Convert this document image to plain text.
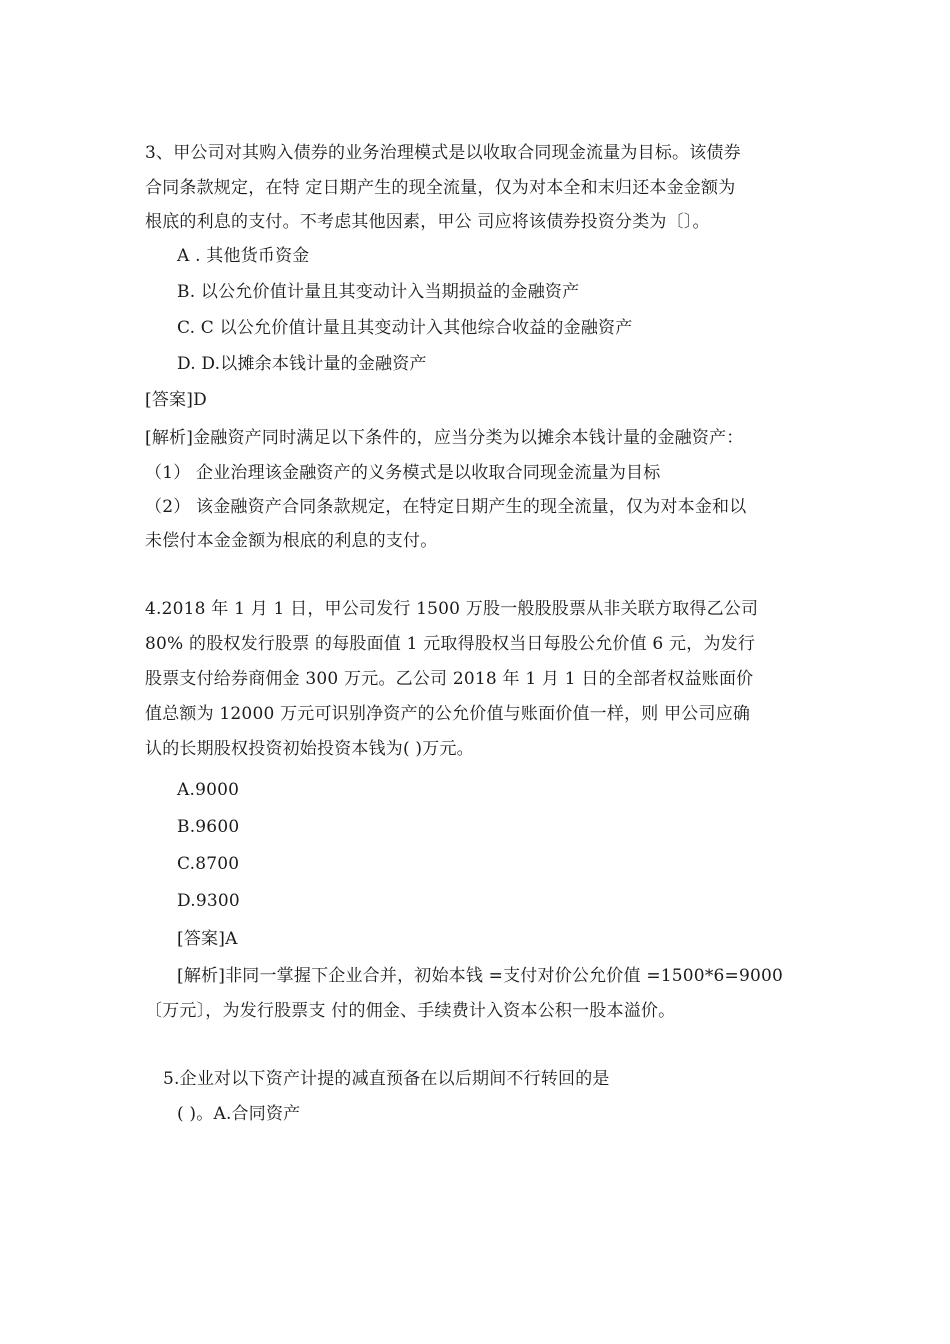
3、甲公司对其购入债券的业务治理模式是以收取合同现金流量为目标。该债券
合同条款规定，在特 定日期产生的现全流量，仅为对本全和末归还本金金额为
根底的利息的支付。不考虑其他因素，甲公 司应将该债券投资分类为〔〕。
A . 其他货币资金
B. 以公允价值计量且其变动计入当期损益的金融资产
C. C 以公允价值计量且其变动计入其他综合收益的金融资产
D. D.以摊余本钱计量的金融资产
[答案]D
[解析]金融资产同时满足以下条件的，应当分类为以摊余本钱计量的金融资产：
（1） 企业治理该金融资产的义务模式是以收取合同现金流量为目标
（2） 该金融资产合同条款规定，在特定日期产生的现全流量，仅为对本金和以
未偿付本金金额为根底的利息的支付。
4.2018 年 1 月 1 日，甲公司发行 1500 万股一般股股票从非关联方取得乙公司
80% 的股权发行股票 的每股面值 1 元取得股权当日每股公允价值 6 元，为发行
股票支付给券商佣金 300 万元。乙公司 2018 年 1 月 1 日的全部者权益账面价
值总额为 12000 万元可识别净资产的公允价值与账面价值一样，则 甲公司应确
认的长期股权投资初始投资本钱为( )万元。
A.9000
B.9600
C.8700
D.9300
[答案]A
[解析]非同一掌握下企业合并，初始本钱 =支付对价公允价值 =1500*6=9000
〔万元〕，为发行股票支 付的佣金、手续费计入资本公积一股本溢价。
5.企业对以下资产计提的减直预备在以后期间不行转回的是
( )。A.合同资产
